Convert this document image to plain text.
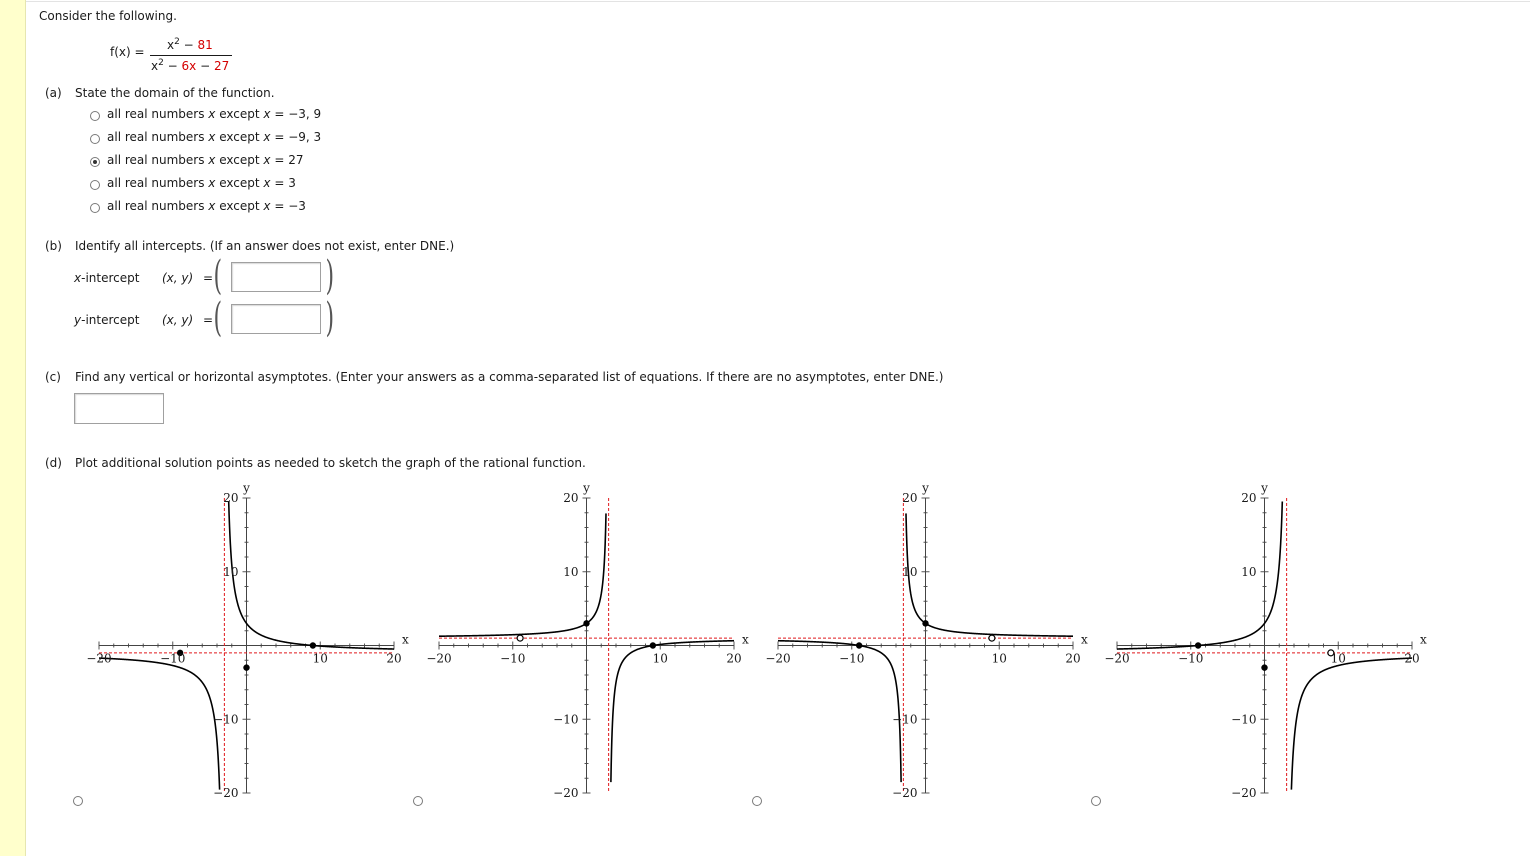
Consider the following.
$f(x) = x^2 - 81$
$x^2 - 6x - 27$
(a) State the domain of the function.
all real numbers x except x = −3, 9
all real numbers x except x = −9, 3
all real numbers x except x = 27
all real numbers x except x = 3
all real numbers x except x = −3
(b) Identify all intercepts. (If an answer does not exist, enter DNE.)
x-intercept (x, y) = (	)
y-intercept (x, y) = (	)
(c) Find any vertical or horizontal asymptotes. (Enter your answers as a comma-separated list of equations. If there are no asymptotes, enter DNE.)
(d) Plot additional solution points as needed to sketch the graph of the rational function.
−20	−10	10	20
20
10
−10
−20
x
y
−20	−10	10	20
20
10
−10
−20
x
y
−20	−10	10	20
20
10
−10
−20
x
y
−20	−10	10	20
20
10
−10
−20
x
y
